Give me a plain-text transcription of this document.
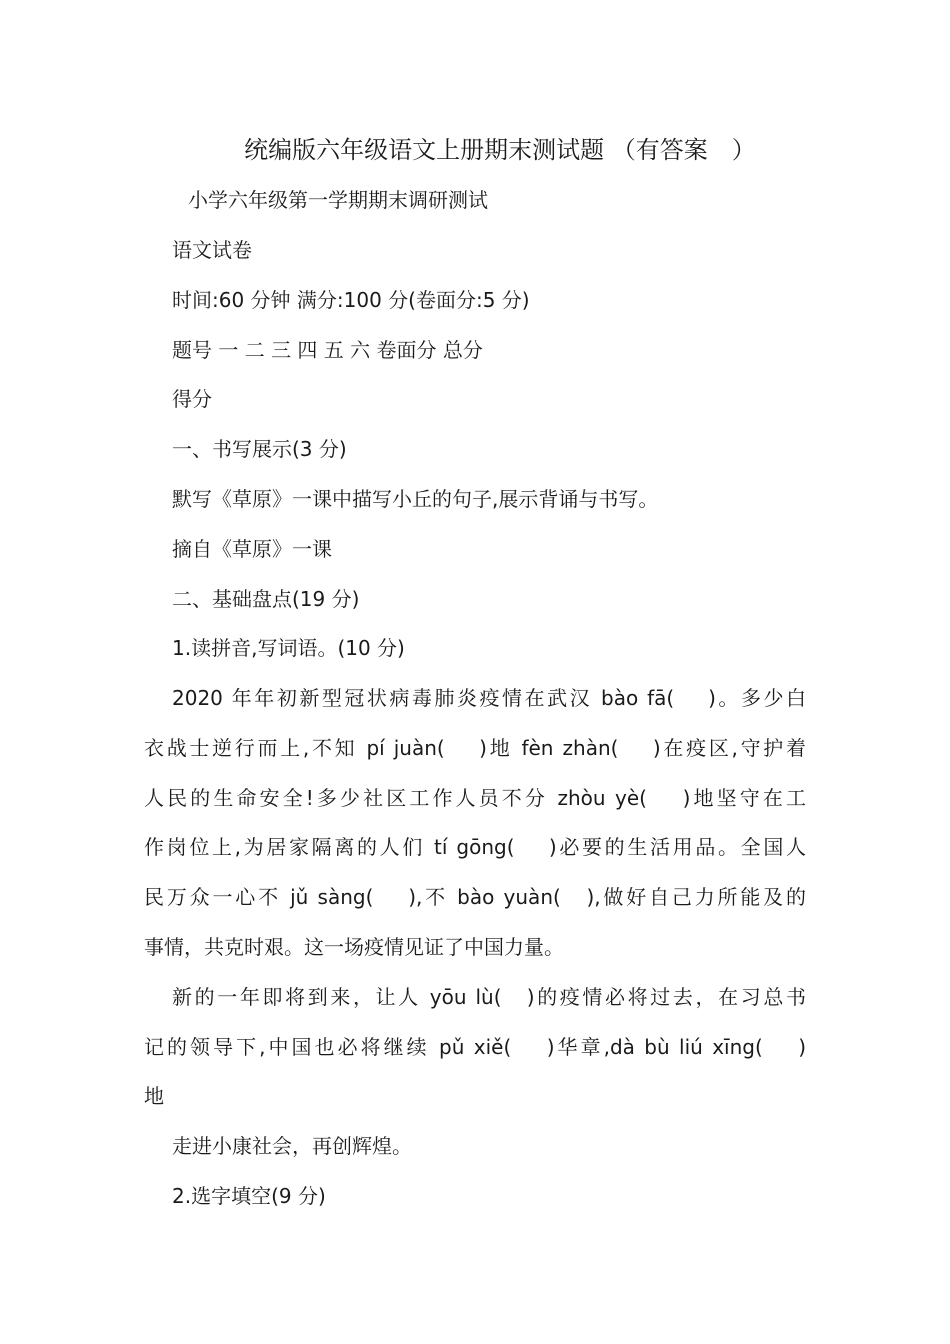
统编版六年级语文上册期末测试题 （有答案　）

小学六年级第一学期期末调研测试

语文试卷

时间:60 分钟 满分:100 分(卷面分:5 分)

题号 一 二 三 四 五 六 卷面分 总分

得分

一、书写展示(3 分)

默写《草原》一课中描写小丘的句子,展示背诵与书写。

摘自《草原》一课

二、基础盘点(19 分)

1.读拼音,写词语。(10 分)

2020 年年初新型冠状病毒肺炎疫情在武汉 bào fā(　 )。多少白

衣战士逆行而上,不知 pí juàn(　 )地 fèn zhàn(　 )在疫区,守护着

人民的生命安全!多少社区工作人员不分 zhòu yè(　 )地坚守在工

作岗位上,为居家隔离的人们 tí gōng(　 )必要的生活用品。全国人

民万众一心不 jǔ sàng(　 ),不 bào yuàn(　),做好自己力所能及的

事情，共克时艰。这一场疫情见证了中国力量。

新的一年即将到来，让人 yōu lù(　)的疫情必将过去，在习总书

记的领导下,中国也必将继续 pǔ xiě(　 )华章,dà bù liú xīng(　 )

地

走进小康社会，再创辉煌。

2.选字填空(9 分)
